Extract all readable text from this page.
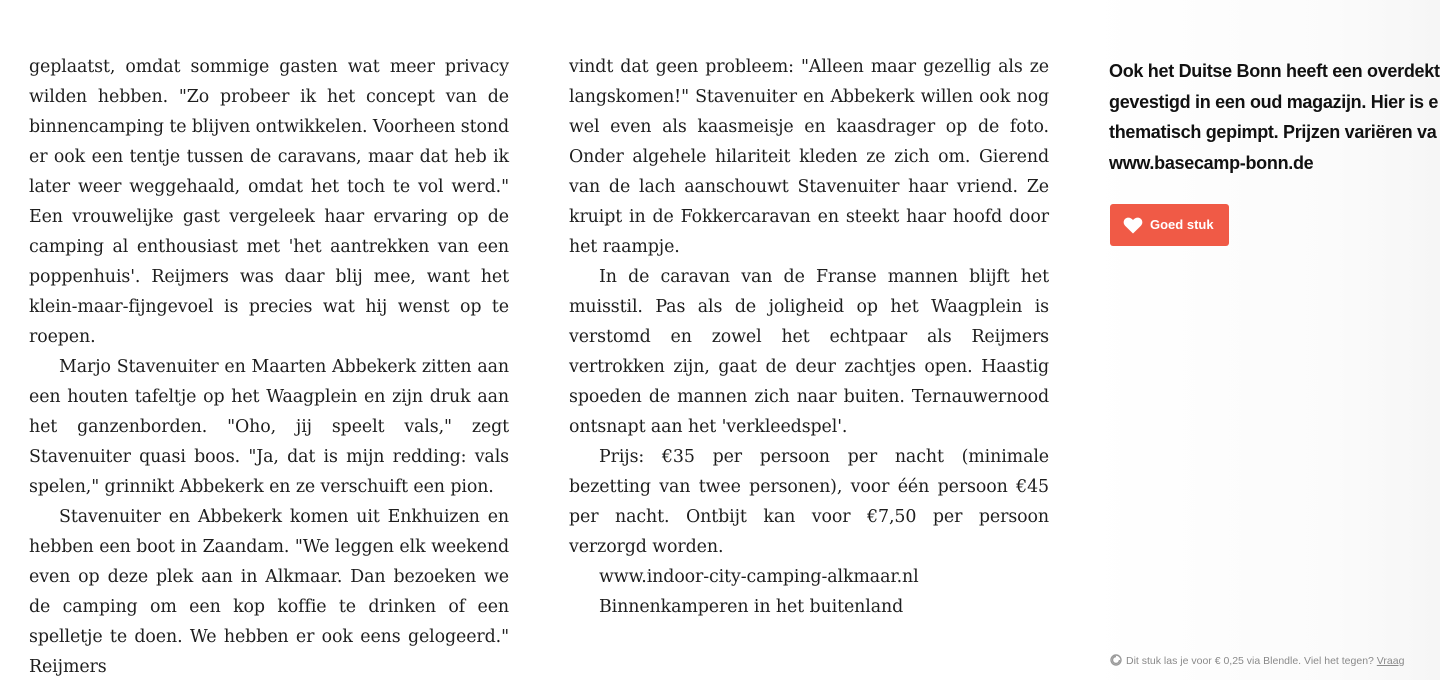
geplaatst, omdat sommige gasten wat meer privacy wilden hebben. "Zo probeer ik het concept van de binnencamping te blijven ontwikkelen. Voorheen stond er ook een tentje tussen de caravans, maar dat heb ik later weer weggehaald, omdat het toch te vol werd." Een vrouwelijke gast vergeleek haar ervaring op de camping al enthousiast met 'het aantrekken van een poppenhuis'. Reijmers was daar blij mee, want het klein-maar-fijngevoel is precies wat hij wenst op te roepen.

Marjo Stavenuiter en Maarten Abbekerk zitten aan een houten tafeltje op het Waagplein en zijn druk aan het ganzenborden. "Oho, jij speelt vals," zegt Stavenuiter quasi boos. "Ja, dat is mijn redding: vals spelen," grinnikt Abbekerk en ze verschuift een pion.

Stavenuiter en Abbekerk komen uit Enkhuizen en hebben een boot in Zaandam. "We leggen elk weekend even op deze plek aan in Alkmaar. Dan bezoeken we de camping om een kop koffie te drinken of een spelletje te doen. We hebben er ook eens gelogeerd." Reijmers

vindt dat geen probleem: "Alleen maar gezellig als ze langskomen!" Stavenuiter en Abbekerk willen ook nog wel even als kaasmeisje en kaasdrager op de foto. Onder algehele hilariteit kleden ze zich om. Gierend van de lach aanschouwt Stavenuiter haar vriend. Ze kruipt in de Fokkercaravan en steekt haar hoofd door het raampje.

In de caravan van de Franse mannen blijft het muisstil. Pas als de joligheid op het Waagplein is verstomd en zowel het echtpaar als Reijmers vertrokken zijn, gaat de deur zachtjes open. Haastig spoeden de mannen zich naar buiten. Ternauwernood ontsnapt aan het 'verkleedspel'.

Prijs: €35 per persoon per nacht (minimale bezetting van twee personen), voor één persoon €45 per nacht. Ontbijt kan voor €7,50 per persoon verzorgd worden.

www.indoor-city-camping-alkmaar.nl

Binnenkamperen in het buitenland

Ook het Duitse Bonn heeft een overdekt
gevestigd in een oud magazijn. Hier is e
thematisch gepimpt. Prijzen variëren va
www.basecamp-bonn.de
Goed stuk
Dit stuk las je voor € 0,25 via Blendle. Viel het tegen? Vraag
